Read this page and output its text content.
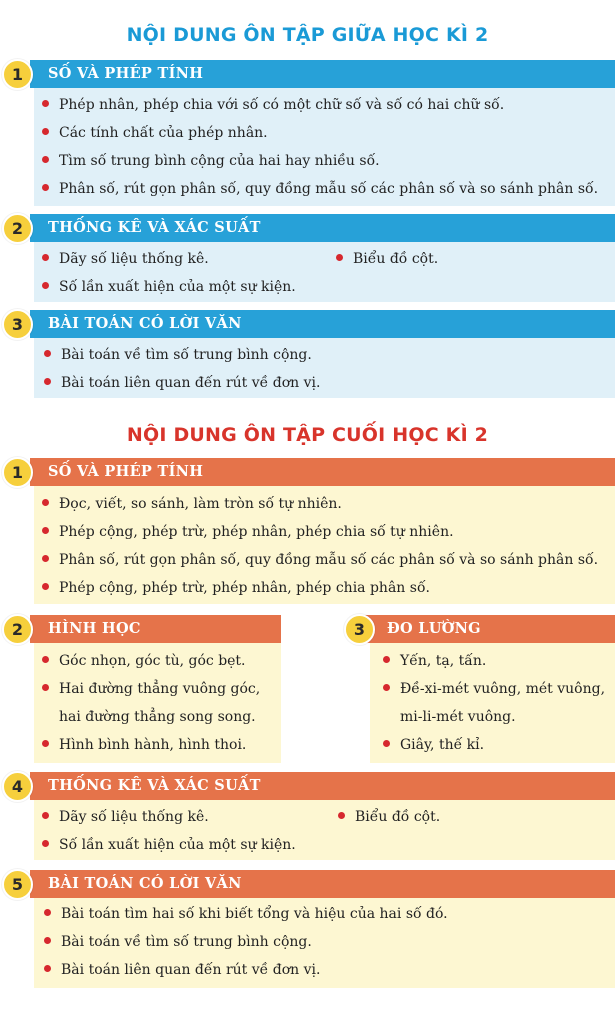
NỘI DUNG ÔN TẬP GIỮA HỌC KÌ 2
SỐ VÀ PHÉP TÍNH
1
Phép nhân, phép chia với số có một chữ số và số có hai chữ số.
Các tính chất của phép nhân.
Tìm số trung bình cộng của hai hay nhiều số.
Phân số, rút gọn phân số, quy đồng mẫu số các phân số và so sánh phân số.
THỐNG KÊ VÀ XÁC SUẤT
2
Dãy số liệu thống kê.	Biểu đồ cột.
Số lần xuất hiện của một sự kiện.
BÀI TOÁN CÓ LỜI VĂN
3
Bài toán về tìm số trung bình cộng.
Bài toán liên quan đến rút về đơn vị.
NỘI DUNG ÔN TẬP CUỐI HỌC KÌ 2
SỐ VÀ PHÉP TÍNH
1
Đọc, viết, so sánh, làm tròn số tự nhiên.
Phép cộng, phép trừ, phép nhân, phép chia số tự nhiên.
Phân số, rút gọn phân số, quy đồng mẫu số các phân số và so sánh phân số.
Phép cộng, phép trừ, phép nhân, phép chia phân số.
HÌNH HỌC
2
Góc nhọn, góc tù, góc bẹt.
Hai đường thẳng vuông góc,
hai đường thẳng song song.
Hình bình hành, hình thoi.
ĐO LƯỜNG
3
Yến, tạ, tấn.
Đề-xi-mét vuông, mét vuông,
mi-li-mét vuông.
Giây, thế kỉ.
THỐNG KÊ VÀ XÁC SUẤT
4
Dãy số liệu thống kê.	Biểu đồ cột.
Số lần xuất hiện của một sự kiện.
BÀI TOÁN CÓ LỜI VĂN
5
Bài toán tìm hai số khi biết tổng và hiệu của hai số đó.
Bài toán về tìm số trung bình cộng.
Bài toán liên quan đến rút về đơn vị.
